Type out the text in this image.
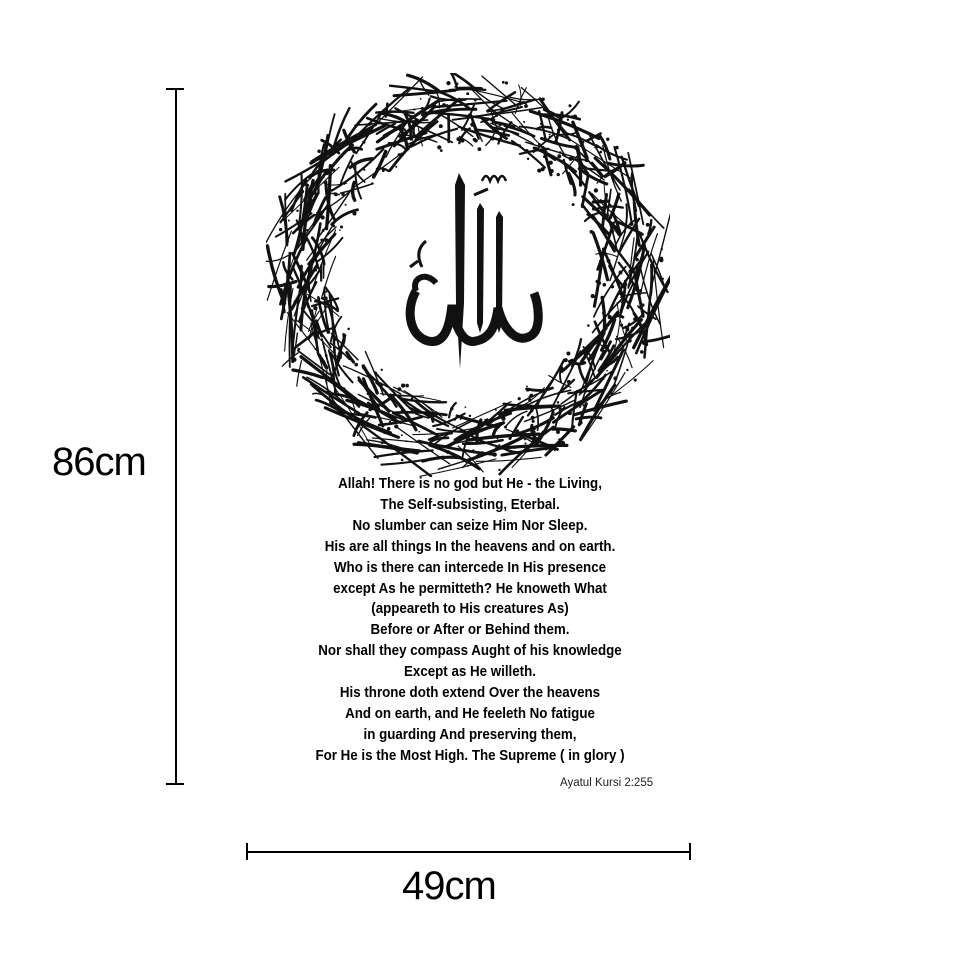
86cm
49cm
Allah! There is no god but He - the Living,
The Self-subsisting, Eterbal.
No slumber can seize Him Nor Sleep.
His are all things In the heavens and on earth.
Who is there can intercede In His presence
except As he permitteth? He knoweth What
(appeareth to His creatures As)
Before or After or Behind them.
Nor shall they compass Aught of his knowledge
Except as He willeth.
His throne doth extend Over the heavens
And on earth, and He feeleth No fatigue
in guarding And preserving them,
For He is the Most High. The Supreme ( in glory )
Ayatul Kursi 2:255
